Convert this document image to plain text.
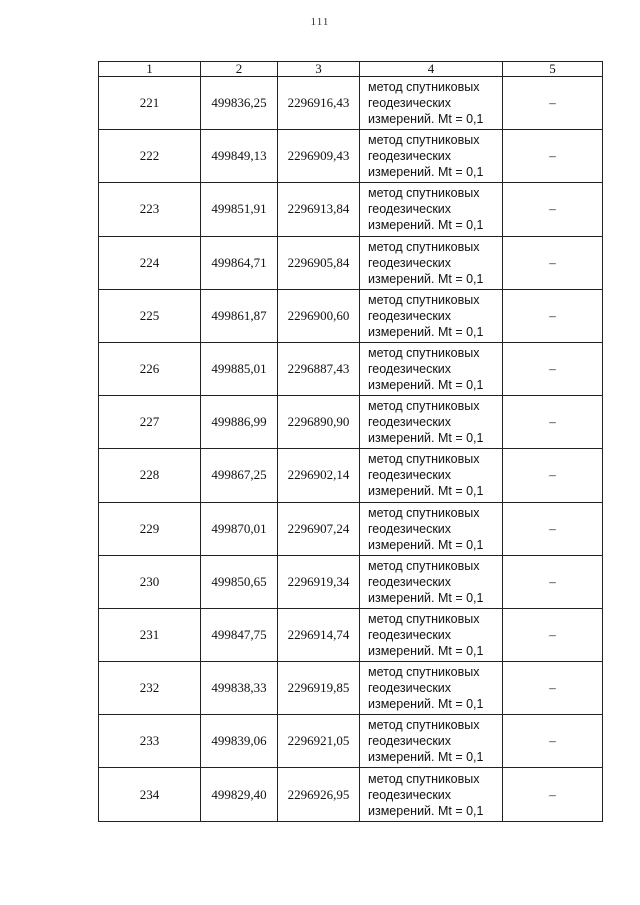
111
1	2	3	4	5
221	499836,25	2296916,43	метод спутниковых
геодезических
измерений. Mt = 0,1	–
222	499849,13	2296909,43	метод спутниковых
геодезических
измерений. Mt = 0,1	–
223	499851,91	2296913,84	метод спутниковых
геодезических
измерений. Mt = 0,1	–
224	499864,71	2296905,84	метод спутниковых
геодезических
измерений. Mt = 0,1	–
225	499861,87	2296900,60	метод спутниковых
геодезических
измерений. Mt = 0,1	–
226	499885,01	2296887,43	метод спутниковых
геодезических
измерений. Mt = 0,1	–
227	499886,99	2296890,90	метод спутниковых
геодезических
измерений. Mt = 0,1	–
228	499867,25	2296902,14	метод спутниковых
геодезических
измерений. Mt = 0,1	–
229	499870,01	2296907,24	метод спутниковых
геодезических
измерений. Mt = 0,1	–
230	499850,65	2296919,34	метод спутниковых
геодезических
измерений. Mt = 0,1	–
231	499847,75	2296914,74	метод спутниковых
геодезических
измерений. Mt = 0,1	–
232	499838,33	2296919,85	метод спутниковых
геодезических
измерений. Mt = 0,1	–
233	499839,06	2296921,05	метод спутниковых
геодезических
измерений. Mt = 0,1	–
234	499829,40	2296926,95	метод спутниковых
геодезических
измерений. Mt = 0,1	–
